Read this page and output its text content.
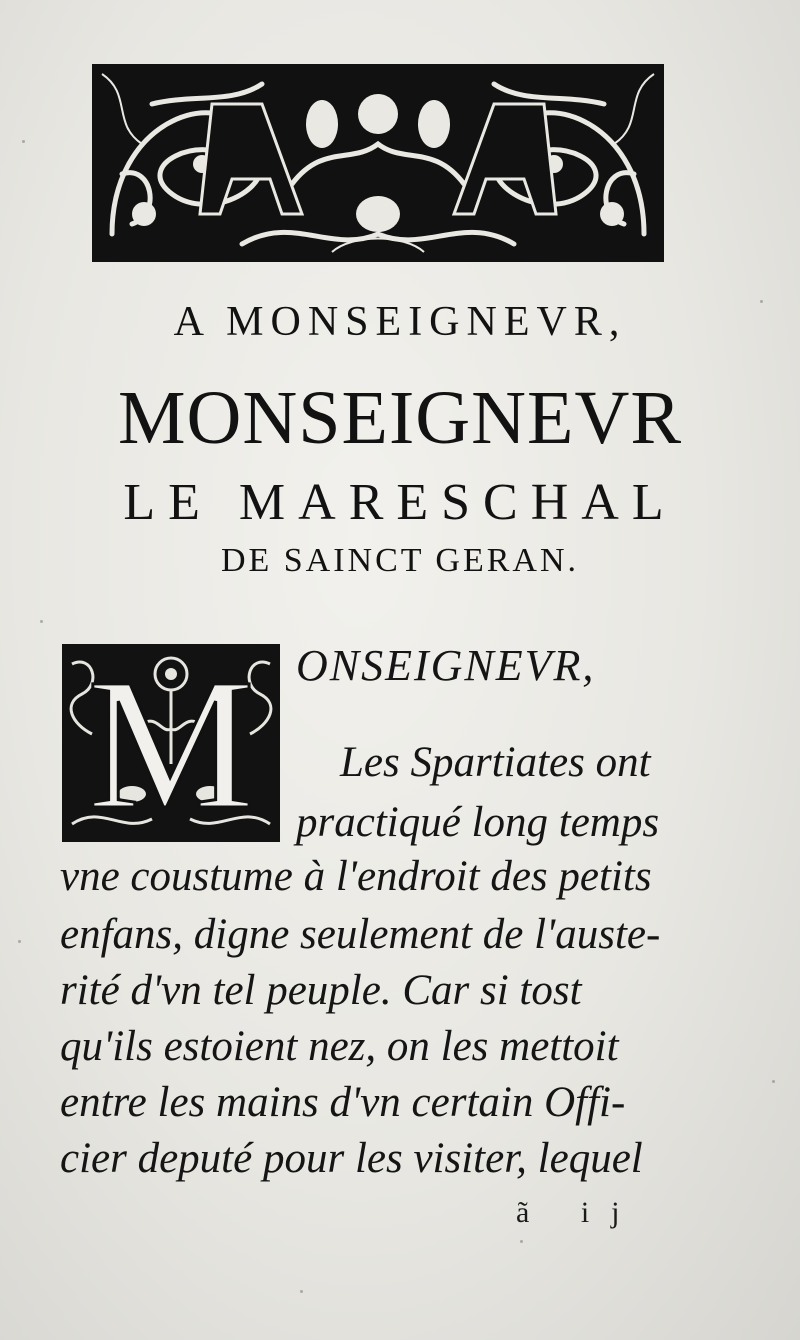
A MONSEIGNEVR,
MONSEIGNEVR
LE MARESCHAL
DE SAINCT GERAN.
M ONSEIGNEVR,
Les Spartiates ont
practiqué long temps
vne coustume à l'endroit des petits
enfans, digne seulement de l'auste-
rité d'vn tel peuple. Car si tost
qu'ils estoient nez, on les mettoit
entre les mains d'vn certain Offi-
cier deputé pour les visiter, lequel
ã ij
